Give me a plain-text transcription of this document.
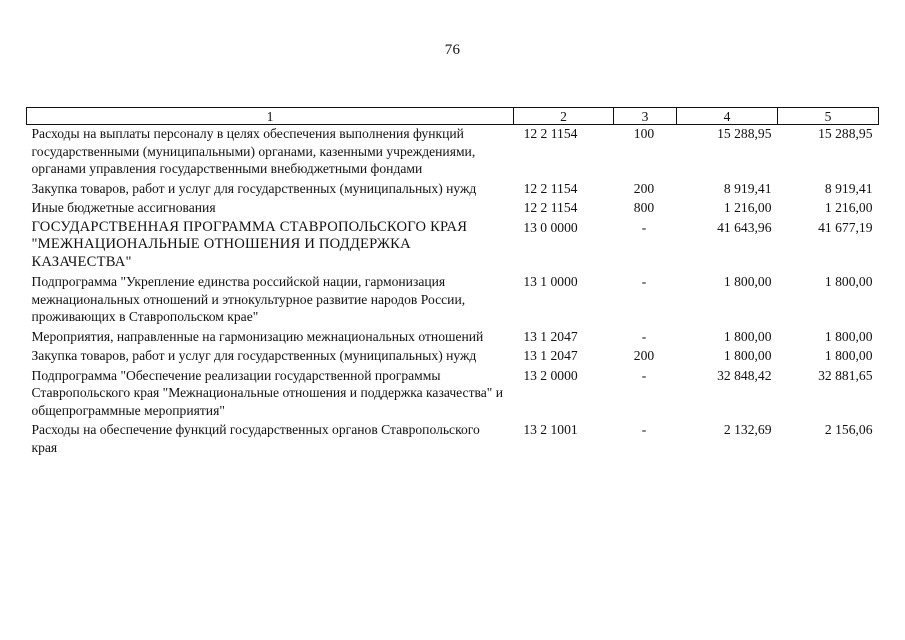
76
1	2	3	4	5
Расходы на выплаты персоналу в целях обеспечения выполнения функций государственными (муниципальными) органами, казенными учреждениями, органами управления государственными внебюджетными фондами	12 2 1154	100	15 288,95	15 288,95
Закупка товаров, работ и услуг для государственных (муниципальных) нужд	12 2 1154	200	8 919,41	8 919,41
Иные бюджетные ассигнования	12 2 1154	800	1 216,00	1 216,00
ГОСУДАРСТВЕННАЯ ПРОГРАММА СТАВРОПОЛЬСКОГО КРАЯ "МЕЖНАЦИОНАЛЬНЫЕ ОТНОШЕНИЯ И ПОДДЕРЖКА КАЗАЧЕСТВА"	13 0 0000	-	41 643,96	41 677,19
Подпрограмма "Укрепление единства российской нации, гармонизация межнациональных отношений и этнокультурное развитие народов России, проживающих в Ставропольском крае"	13 1 0000	-	1 800,00	1 800,00
Мероприятия, направленные на гармонизацию межнациональных отношений	13 1 2047	-	1 800,00	1 800,00
Закупка товаров, работ и услуг для государственных (муниципальных) нужд	13 1 2047	200	1 800,00	1 800,00
Подпрограмма "Обеспечение реализации государственной программы Ставропольского края "Межнациональные отношения и поддержка казачества" и общепрограммные мероприятия"	13 2 0000	-	32 848,42	32 881,65
Расходы на обеспечение функций государственных органов Ставропольского края	13 2 1001	-	2 132,69	2 156,06
